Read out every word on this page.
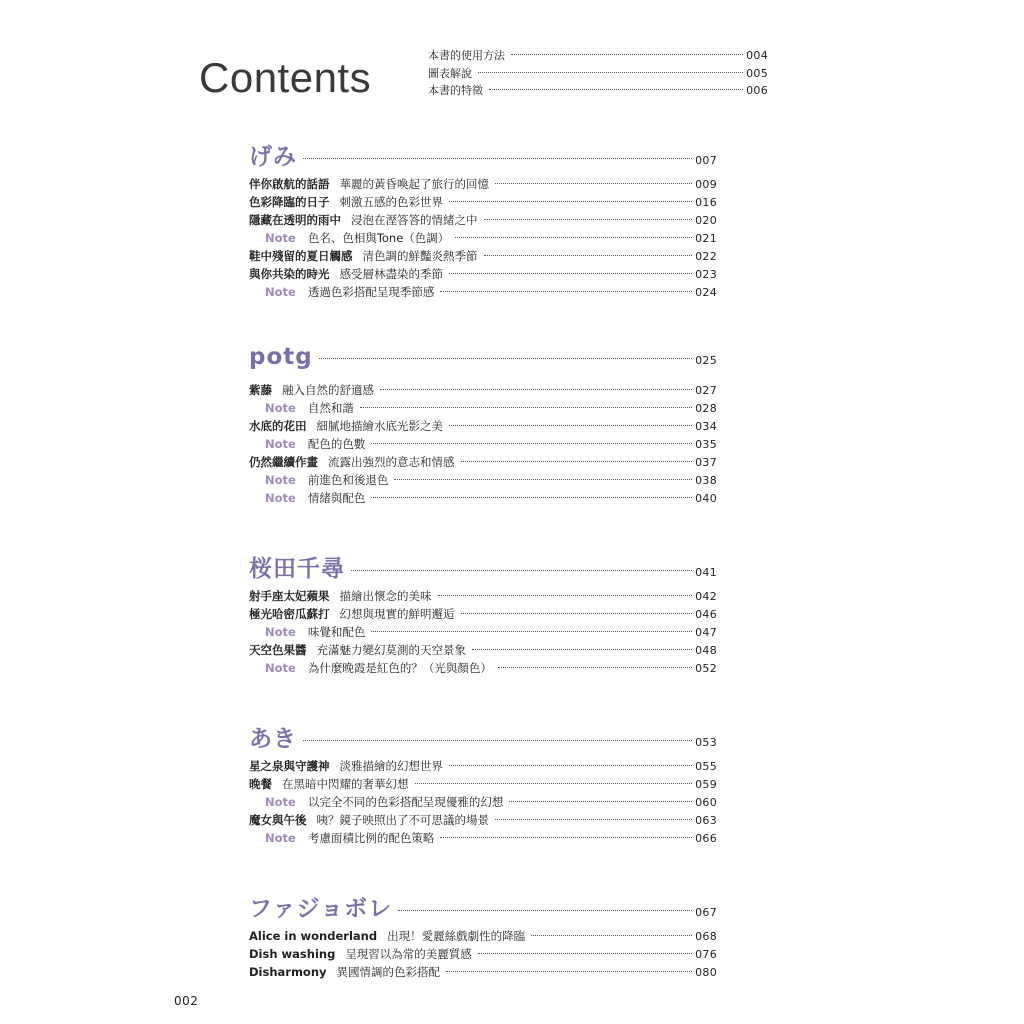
Contents	本書的使用方法	004
圖表解說	005
本書的特徵	006
げみ	007
伴你啟航的話語 華麗的黃昏喚起了旅行的回憶	009
色彩降臨的日子 刺激五感的色彩世界	016
隱藏在透明的雨中 浸泡在溼答答的情緒之中	020
Note 色名、色相與Tone（色調）	021
鞋中殘留的夏日觸感 清色調的鮮豔炎熱季節	022
與你共染的時光 感受層林盡染的季節	023
Note 透過色彩搭配呈現季節感	024
potg	025
紫藤 融入自然的舒適感	027
Note 自然和諧	028
水底的花田 細膩地描繪水底光影之美	034
Note 配色的色數	035
仍然繼續作畫 流露出強烈的意志和情感	037
Note 前進色和後退色	038
Note 情緒與配色	040
桜田千尋	041
射手座太妃蘋果 描繪出懷念的美味	042
極光哈密瓜蘇打 幻想與現實的鮮明邂逅	046
Note 味覺和配色	047
天空色果醬 充滿魅力變幻莫測的天空景象	048
Note 為什麼晚霞是紅色的？（光與顏色）	052
あき	053
星之泉與守護神 淡雅描繪的幻想世界	055
晚餐 在黑暗中閃耀的奢華幻想	059
Note 以完全不同的色彩搭配呈現優雅的幻想	060
魔女與午後 咦？鏡子映照出了不可思議的場景	063
Note 考慮面積比例的配色策略	066
ファジョボレ	067
Alice in wonderland 出現！愛麗絲戲劇性的降臨	068
Dish washing 呈現習以為常的美麗質感	076
Disharmony 異國情調的色彩搭配	080

002
